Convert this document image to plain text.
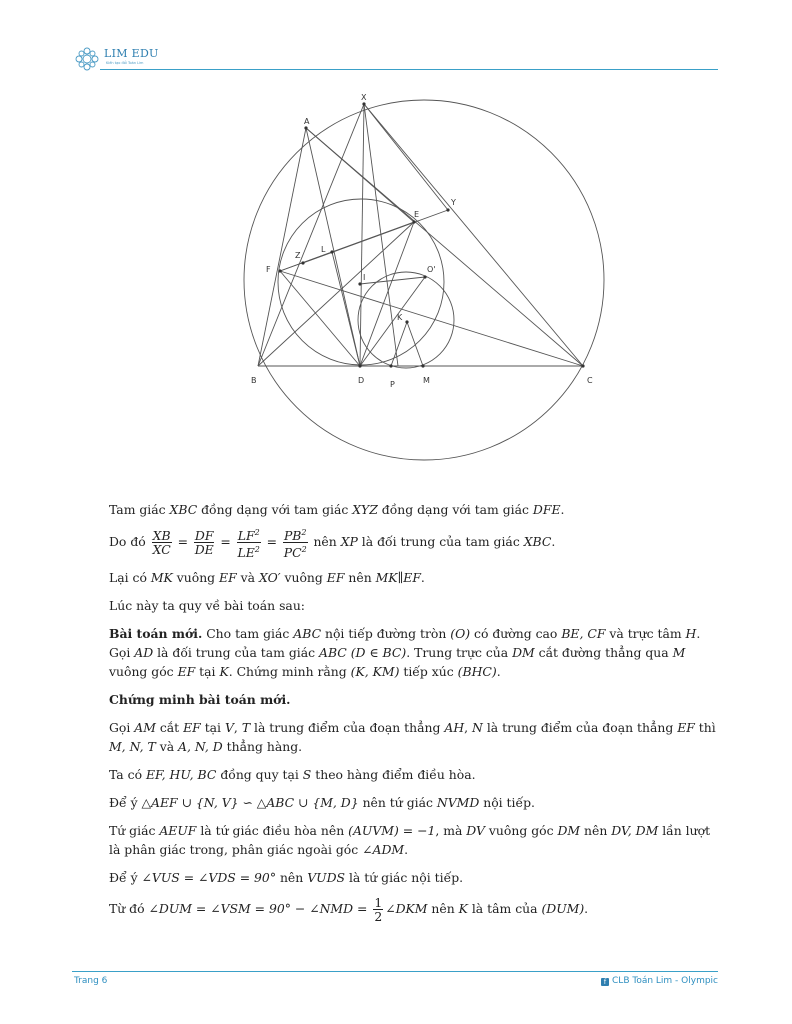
LIM EDU
Kiến tạo đổi Toán Lim
A
X
Y
E
Z
L
F
I
O'
K
B	D	P	M	C

Tam giác XBC đồng dạng với tam giác XYZ đồng dạng với tam giác DFE.

Do đó $\frac{XB}{XC} = \frac{DF}{DE} = \frac{LF^2}{LE^2} = \frac{PB^2}{PC^2}$ nên XP là đối trung của tam giác XBC.

Lại có MK vuông EF và XO′ vuông EF nên MK∥EF.

Lúc này ta quy về bài toán sau:

Bài toán mới. Cho tam giác ABC nội tiếp đường tròn (O) có đường cao BE, CF và trực tâm H. Gọi AD là đối trung của tam giác ABC (D ∈ BC). Trung trực của DM cắt đường thẳng qua M vuông góc EF tại K. Chứng minh rằng (K, KM) tiếp xúc (BHC).

Chứng minh bài toán mới.

Gọi AM cắt EF tại V, T là trung điểm của đoạn thẳng AH, N là trung điểm của đoạn thẳng EF thì M, N, T và A, N, D thẳng hàng.

Ta có EF, HU, BC đồng quy tại S theo hàng điểm điều hòa.

Để ý △AEF ∪ {N, V} ∽ △ABC ∪ {M, D} nên tứ giác NVMD nội tiếp.

Tứ giác AEUF là tứ giác điều hòa nên (AUVM) = −1, mà DV vuông góc DM nên DV, DM lần lượt là phân giác trong, phân giác ngoài góc ∠ADM.

Để ý ∠VUS = ∠VDS = 90° nên VUDS là tứ giác nội tiếp.

Từ đó ∠DUM = ∠VSM = 90° − ∠NMD = $\frac{1}{2}$ ∠DKM nên K là tâm của (DUM).

Trang 6	f CLB Toán Lim - Olympic
